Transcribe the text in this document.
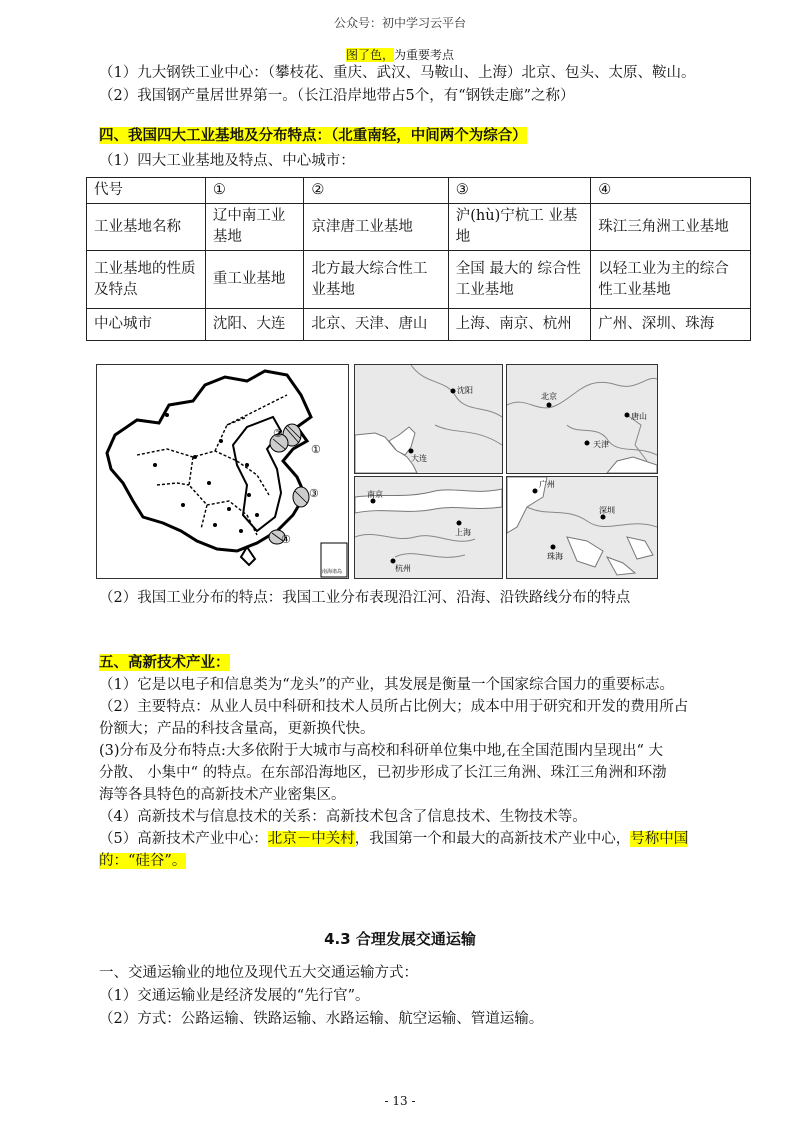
公众号：初中学习云平台
图了色，为重要考点
（1）九大钢铁工业中心：（攀枝花、重庆、武汉、马鞍山、上海）北京、包头、太原、鞍山。
（2）我国钢产量居世界第一。（长江沿岸地带占5个，有“钢铁走廊”之称）
四、我国四大工业基地及分布特点：（北重南轻，中间两个为综合）
（1）四大工业基地及特点、中心城市：
代号	①	②	③	④
工业基地名称	辽中南工业基地	京津唐工业基地	沪(hù)宁杭工 业基地	珠江三角洲工业基地
工业基地的性质及特点	重工业基地	北方最大综合性工业基地	全国 最大的 综合性工业基地	以轻工业为主的综合性工业基地
中心城市	沈阳、大连	北京、天津、唐山	上海、南京、杭州	广州、深圳、珠海
①
②
③
④
南海诸岛
沈阳
大连
北京
唐山
天津
南京
上海
杭州
广州
深圳
珠海
（2）我国工业分布的特点：我国工业分布表现沿江河、沿海、沿铁路线分布的特点
五、高新技术产业：
（1）它是以电子和信息类为“龙头”的产业，其发展是衡量一个国家综合国力的重要标志。
（2）主要特点：从业人员中科研和技术人员所占比例大；成本中用于研究和开发的费用所占
份额大；产品的科技含量高，更新换代快。
(3)分布及分布特点:大多依附于大城市与高校和科研单位集中地,在全国范围内呈现出“ 大
分散、 小集中“ 的特点。在东部沿海地区，已初步形成了长江三角洲、珠江三角洲和环渤
海等各具特色的高新技术产业密集区。
（4）高新技术与信息技术的关系：高新技术包含了信息技术、生物技术等。
（5）高新技术产业中心：北京－中关村，我国第一个和最大的高新技术产业中心，号称中国
的：“硅谷”。
4.3 合理发展交通运输
一、交通运输业的地位及现代五大交通运输方式：
（1）交通运输业是经济发展的“先行官”。
（2）方式：公路运输、铁路运输、水路运输、航空运输、管道运输。
- 13 -
